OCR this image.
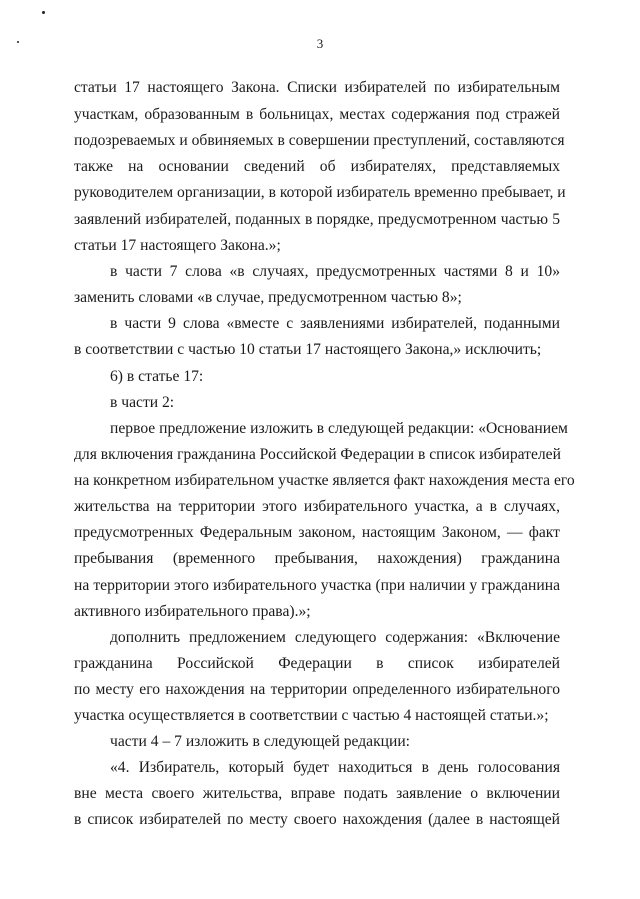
3
статьи 17 настоящего Закона. Списки избирателей по избирательным
участкам, образованным в больницах, местах содержания под стражей
подозреваемых и обвиняемых в совершении преступлений, составляются
также на основании сведений об избирателях, представляемых
руководителем организации, в которой избиратель временно пребывает, и
заявлений избирателей, поданных в порядке, предусмотренном частью 5
статьи 17 настоящего Закона.»;
в части 7 слова «в случаях, предусмотренных частями 8 и 10»
заменить словами «в случае, предусмотренном частью 8»;
в части 9 слова «вместе с заявлениями избирателей, поданными
в соответствии с частью 10 статьи 17 настоящего Закона,» исключить;
6) в статье 17:
в части 2:
первое предложение изложить в следующей редакции: «Основанием
для включения гражданина Российской Федерации в список избирателей
на конкретном избирательном участке является факт нахождения места его
жительства на территории этого избирательного участка, а в случаях,
предусмотренных Федеральным законом, настоящим Законом, — факт
пребывания (временного пребывания, нахождения) гражданина
на территории этого избирательного участка (при наличии у гражданина
активного избирательного права).»;
дополнить предложением следующего содержания: «Включение
гражданина Российской Федерации в список избирателей
по месту его нахождения на территории определенного избирательного
участка осуществляется в соответствии с частью 4 настоящей статьи.»;
части 4 – 7 изложить в следующей редакции:
«4. Избиратель, который будет находиться в день голосования
вне места своего жительства, вправе подать заявление о включении
в список избирателей по месту своего нахождения (далее в настоящей
